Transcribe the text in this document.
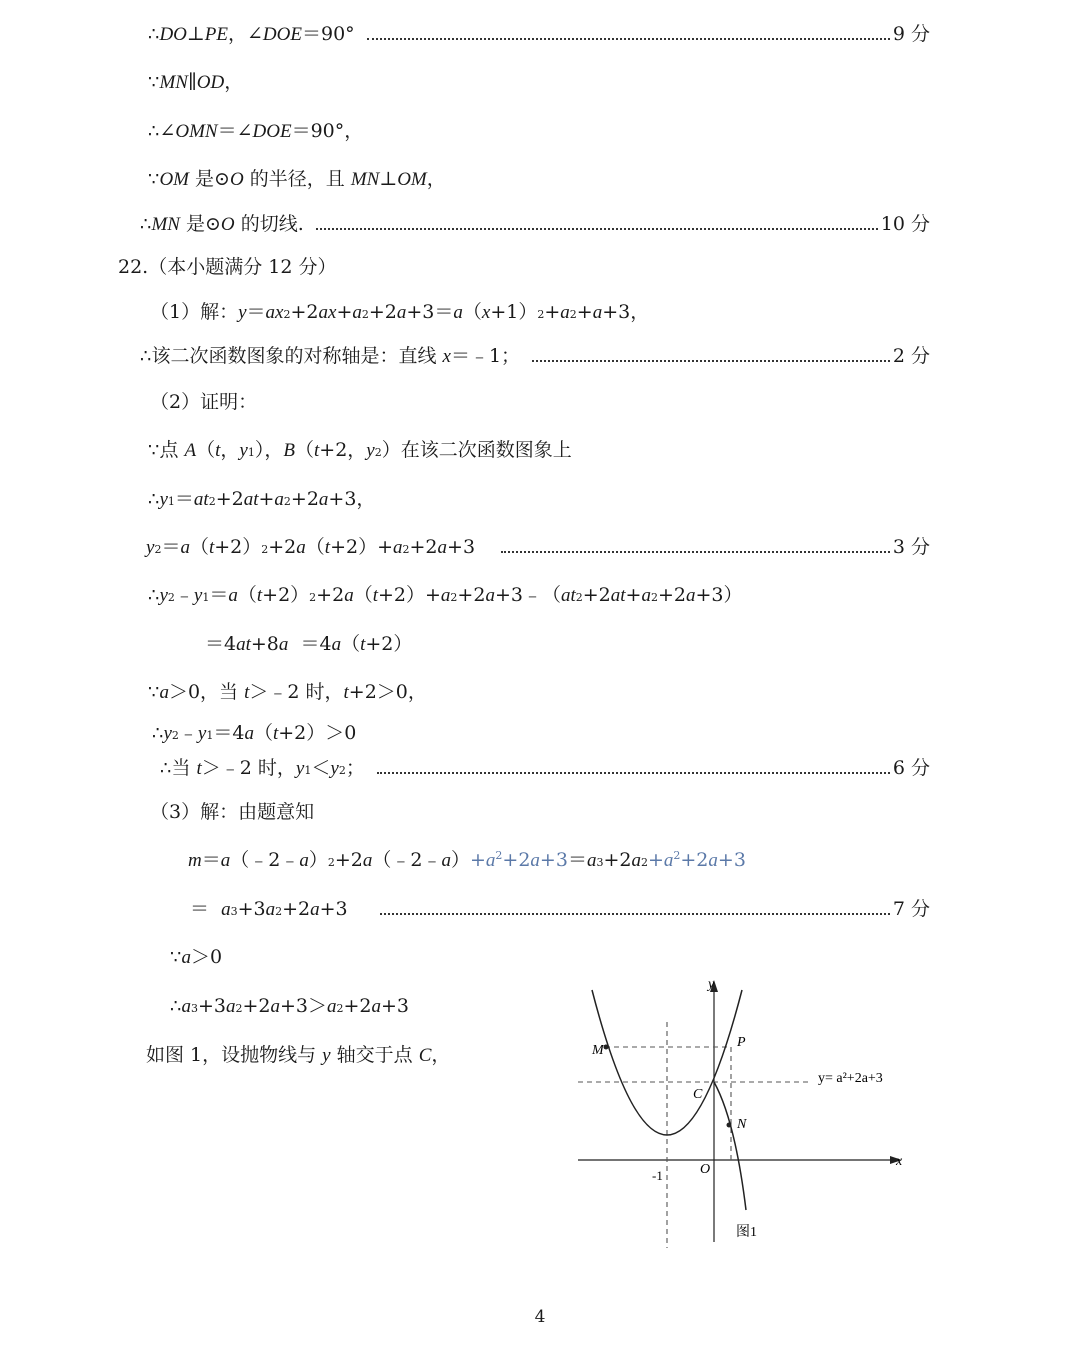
∴ DO ⊥ PE ，∠ DOE ＝90°	9 分
∵ MN ∥ OD ，
∴ ∠ OMN ＝∠ DOE ＝90°，
∵ OM 是⊙ O 的半径，且 MN ⊥ OM ，
∴ MN 是⊙ O 的切线.	10 分
22.（本小题满分 12 分）
（1）解： y ＝ ax 2 +2 ax + a 2 +2 a +3＝ a （ x +1） 2 + a 2 + a +3，
∴ 该二次函数图象的对称轴是：直线 x ＝﹣1；	2 分
（2）证明：
∵ 点 A （ t ， y 1 ）， B （ t +2， y 2 ）在该二次函数图象上
∴ y 1 ＝ at 2 +2 at + a 2 +2 a +3，
y 2 ＝ a （ t +2） 2 +2 a （ t +2）+ a 2 +2 a +3	3 分
∴ y 2 ﹣ y 1 ＝ a （ t +2） 2 +2 a （ t +2）+ a 2 +2 a +3﹣（ at 2 +2 at + a 2 +2 a +3）
＝4 at +8 a ＝4 a （ t +2）
∵ a ＞0，当 t ＞﹣2 时， t +2＞0，
∴ y 2 ﹣ y 1 ＝4 a （ t +2）＞0
∴ 当 t ＞﹣2 时， y 1 ＜ y 2 ；	6 分
（3）解：由题意知
m ＝ a （﹣2﹣ a ） 2 +2 a （﹣2﹣ a ） $+a^2+2a+3 = a$ 3 +2 a $2 +a^2+2a+3$
＝ a 3 +3 a 2 +2 a +3	7 分
∵ a ＞0
∴ a 3 +3 a 2 +2 a +3＞ a 2 +2 a +3
如图 1，设抛物线与 y 轴交于点 C ，
y
x
O
-1
M
P
C
N
y= a²+2a+3
图1
4
